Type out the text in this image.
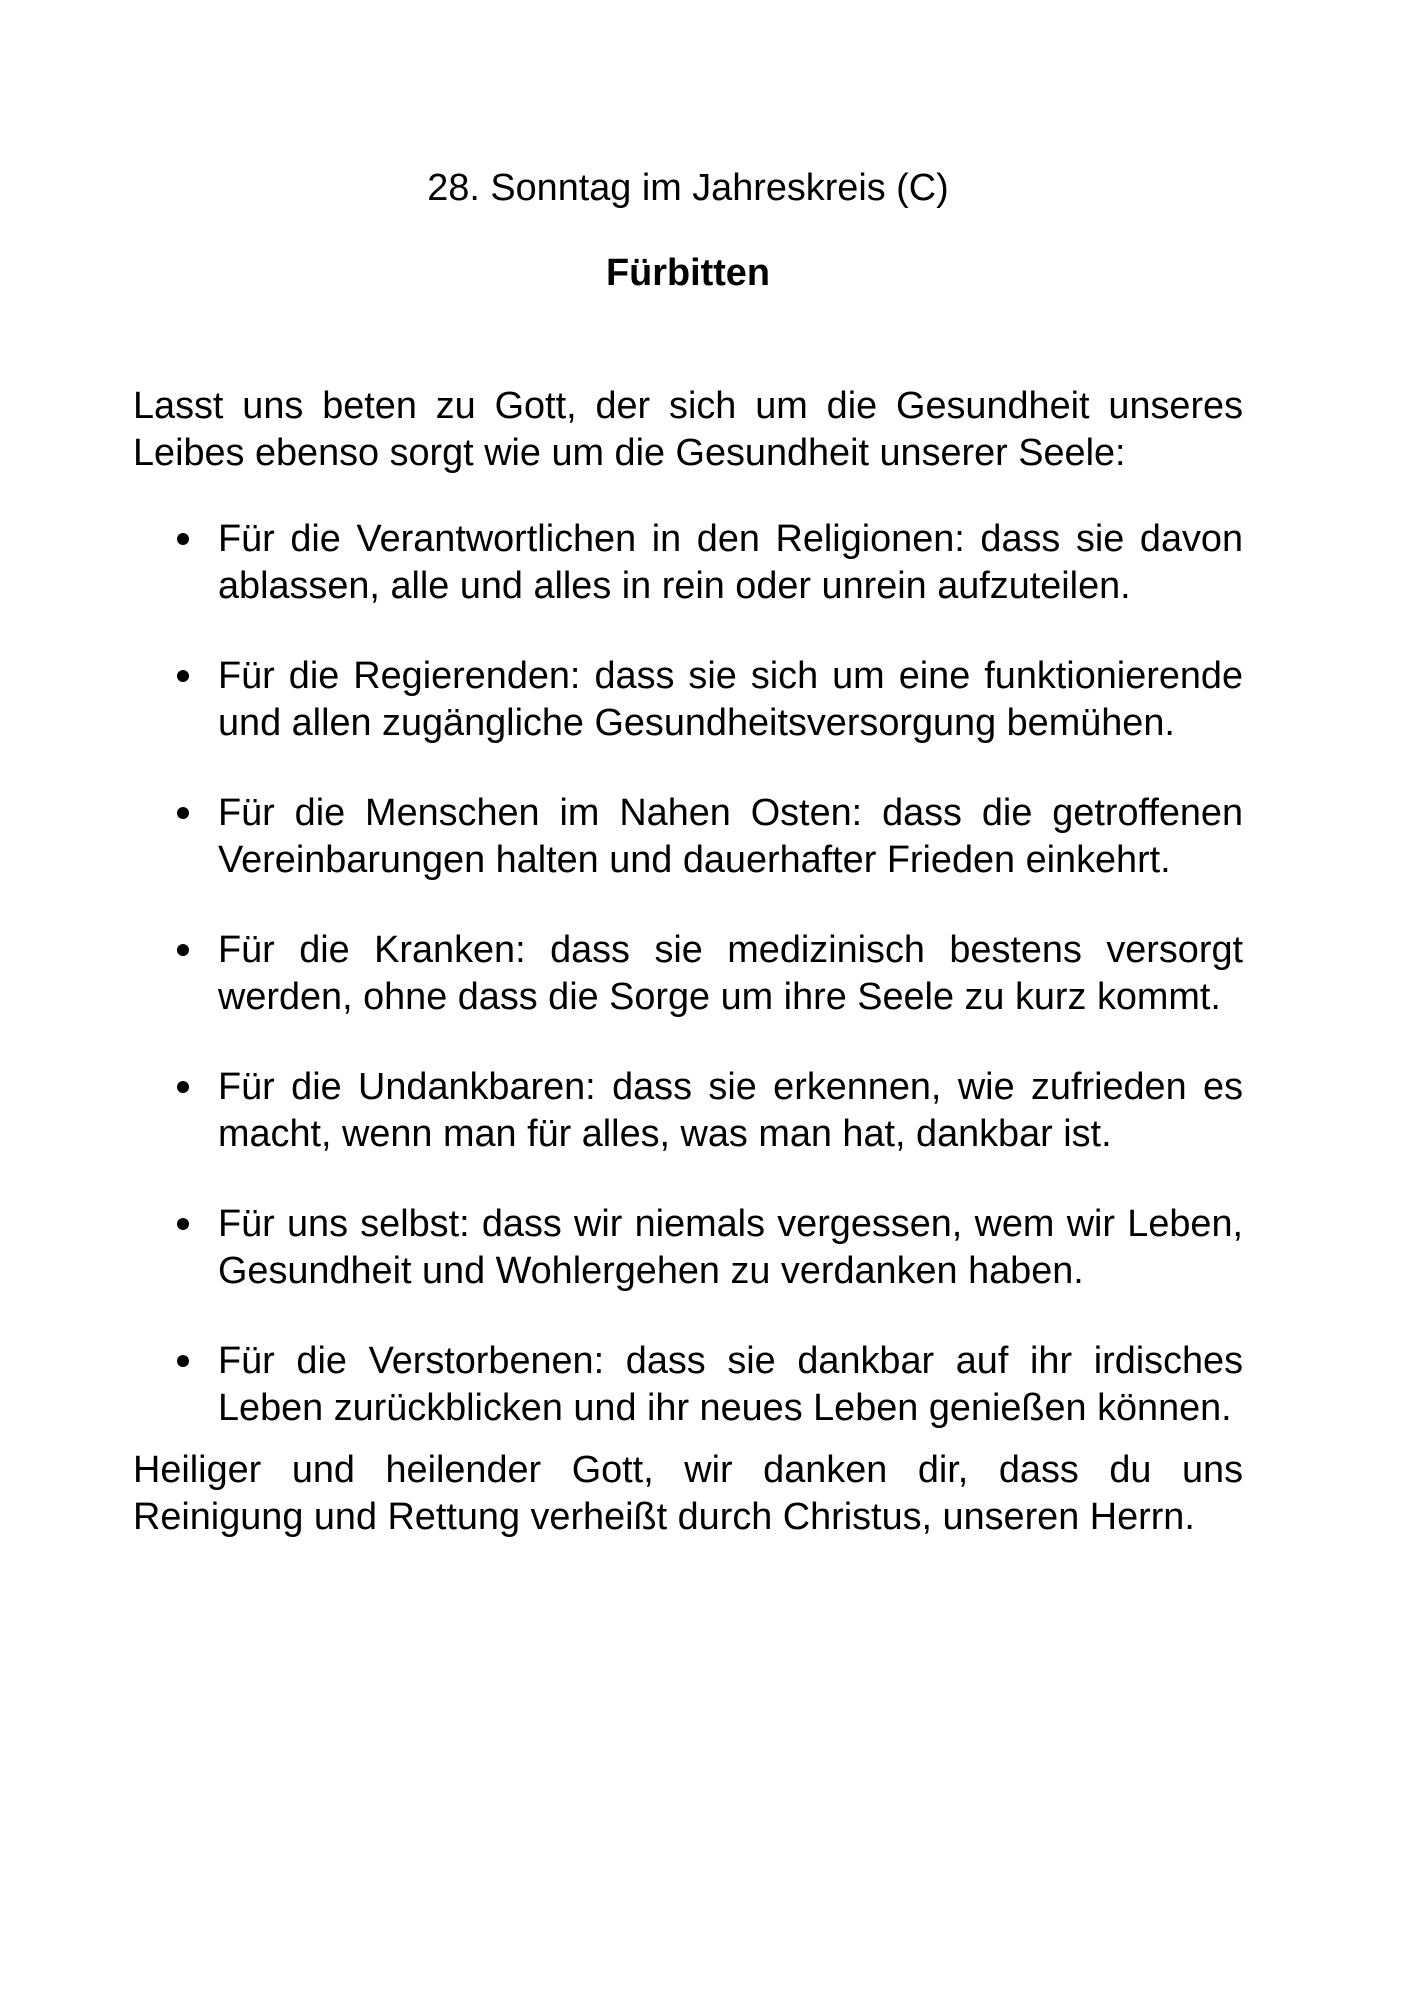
28. Sonntag im Jahreskreis (C)
Fürbitten

Lasst uns beten zu Gott, der sich um die Gesundheit unseres Leibes ebenso sorgt wie um die Gesundheit unserer Seele:

Für die Verantwortlichen in den Religionen: dass sie davon ablassen, alle und alles in rein oder unrein aufzuteilen.
Für die Regierenden: dass sie sich um eine funktionierende und allen zugängliche Gesundheitsversorgung bemühen.
Für die Menschen im Nahen Osten: dass die getroffenen Vereinbarungen halten und dauerhafter Frieden einkehrt.
Für die Kranken: dass sie medizinisch bestens versorgt werden, ohne dass die Sorge um ihre Seele zu kurz kommt.
Für die Undankbaren: dass sie erkennen, wie zufrieden es macht, wenn man für alles, was man hat, dankbar ist.
Für uns selbst: dass wir niemals vergessen, wem wir Leben, Gesundheit und Wohlergehen zu verdanken haben.
Für die Verstorbenen: dass sie dankbar auf ihr irdisches Leben zurückblicken und ihr neues Leben genießen können.

Heiliger und heilender Gott, wir danken dir, dass du uns Reinigung und Rettung verheißt durch Christus, unseren Herrn.
